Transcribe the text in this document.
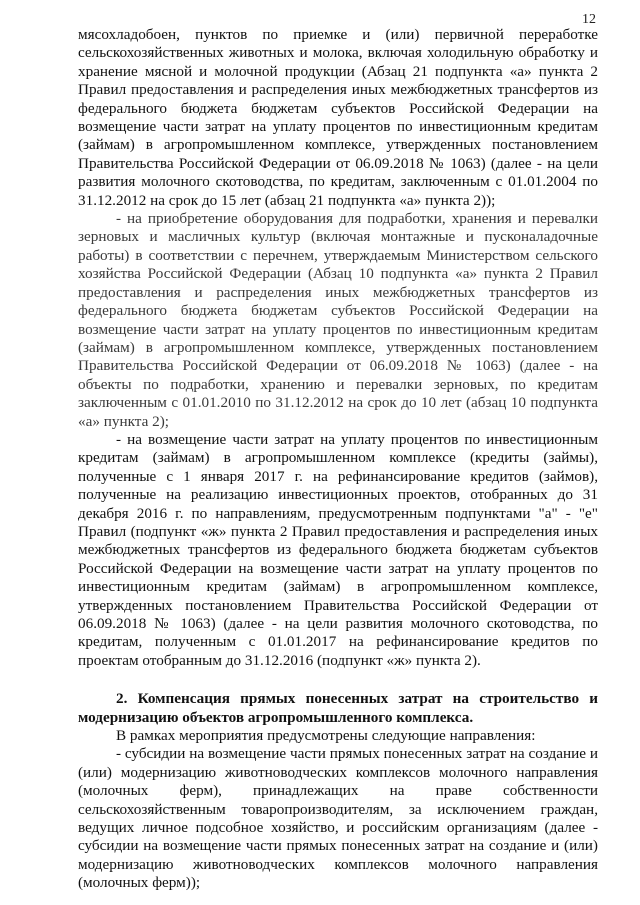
12

мясохладобоен, пунктов по приемке и (или) первичной переработке сельскохозяйственных животных и молока, включая холодильную обработку и хранение мясной и молочной продукции (Абзац 21 подпункта «а» пункта 2 Правил предоставления и распределения иных межбюджетных трансфертов из федерального бюджета бюджетам субъектов Российской Федерации на возмещение части затрат на уплату процентов по инвестиционным кредитам (займам) в агропромышленном комплексе, утвержденных постановлением Правительства Российской Федерации от 06.09.2018 № 1063) (далее - на цели развития молочного скотоводства, по кредитам, заключенным с 01.01.2004 по 31.12.2012 на срок до 15 лет (абзац 21 подпункта «а» пункта 2));

- на приобретение оборудования для подработки, хранения и перевалки зерновых и масличных культур (включая монтажные и пусконаладочные работы) в соответствии с перечнем, утверждаемым Министерством сельского хозяйства Российской Федерации (Абзац 10 подпункта «а» пункта 2 Правил предоставления и распределения иных межбюджетных трансфертов из федерального бюджета бюджетам субъектов Российской Федерации на возмещение части затрат на уплату процентов по инвестиционным кредитам (займам) в агропромышленном комплексе, утвержденных постановлением Правительства Российской Федерации от 06.09.2018 № 1063) (далее - на объекты по подработки, хранению и перевалки зерновых, по кредитам заключенным с 01.01.2010 по 31.12.2012 на срок до 10 лет (абзац 10 подпункта «а» пункта 2);

- на возмещение части затрат на уплату процентов по инвестиционным кредитам (займам) в агропромышленном комплексе (кредиты (займы), полученные с 1 января 2017 г. на рефинансирование кредитов (займов), полученные на реализацию инвестиционных проектов, отобранных до 31 декабря 2016 г. по направлениям, предусмотренным подпунктами "а" - "е" Правил (подпункт «ж» пункта 2 Правил предоставления и распределения иных межбюджетных трансфертов из федерального бюджета бюджетам субъектов Российской Федерации на возмещение части затрат на уплату процентов по инвестиционным кредитам (займам) в агропромышленном комплексе, утвержденных постановлением Правительства Российской Федерации от 06.09.2018 № 1063) (далее - на цели развития молочного скотоводства, по кредитам, полученным с 01.01.2017 на рефинансирование кредитов по проектам отобранным до 31.12.2016 (подпункт «ж» пункта 2).

2. Компенсация прямых понесенных затрат на строительство и модернизацию объектов агропромышленного комплекса.

В рамках мероприятия предусмотрены следующие направления:

- субсидии на возмещение части прямых понесенных затрат на создание и (или) модернизацию животноводческих комплексов молочного направления (молочных ферм), принадлежащих на праве собственности сельскохозяйственным товаропроизводителям, за исключением граждан, ведущих личное подсобное хозяйство, и российским организациям (далее - субсидии на возмещение части прямых понесенных затрат на создание и (или) модернизацию животноводческих комплексов молочного направления (молочных ферм));
